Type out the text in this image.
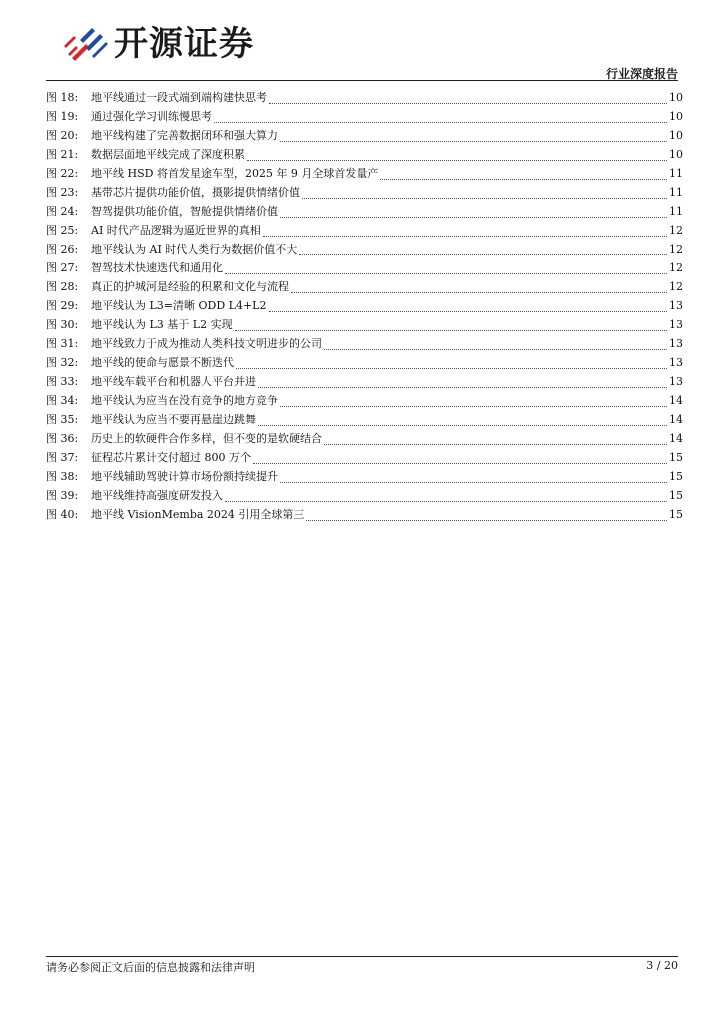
开源证券
行业深度报告
图 18:	地平线通过一段式端到端构建快思考	10
图 19:	通过强化学习训练慢思考	10
图 20:	地平线构建了完善数据闭环和强大算力	10
图 21:	数据层面地平线完成了深度积累	10
图 22:	地平线 HSD 将首发星途车型，2025 年 9 月全球首发量产	11
图 23:	基带芯片提供功能价值，摄影提供情绪价值	11
图 24:	智驾提供功能价值，智舱提供情绪价值	11
图 25:	AI 时代产品逻辑为逼近世界的真相	12
图 26:	地平线认为 AI 时代人类行为数据价值不大	12
图 27:	智驾技术快速迭代和通用化	12
图 28:	真正的护城河是经验的积累和文化与流程	12
图 29:	地平线认为 L3=清晰 ODD L4+L2	13
图 30:	地平线认为 L3 基于 L2 实现	13
图 31:	地平线致力于成为推动人类科技文明进步的公司	13
图 32:	地平线的使命与愿景不断迭代	13
图 33:	地平线车载平台和机器人平台并进	13
图 34:	地平线认为应当在没有竞争的地方竞争	14
图 35:	地平线认为应当不要再悬崖边跳舞	14
图 36:	历史上的软硬件合作多样，但不变的是软硬结合	14
图 37:	征程芯片累计交付超过 800 万个	15
图 38:	地平线辅助驾驶计算市场份额持续提升	15
图 39:	地平线维持高强度研发投入	15
图 40:	地平线 VisionMemba 2024 引用全球第三	15
请务必参阅正文后面的信息披露和法律声明	3 / 20
